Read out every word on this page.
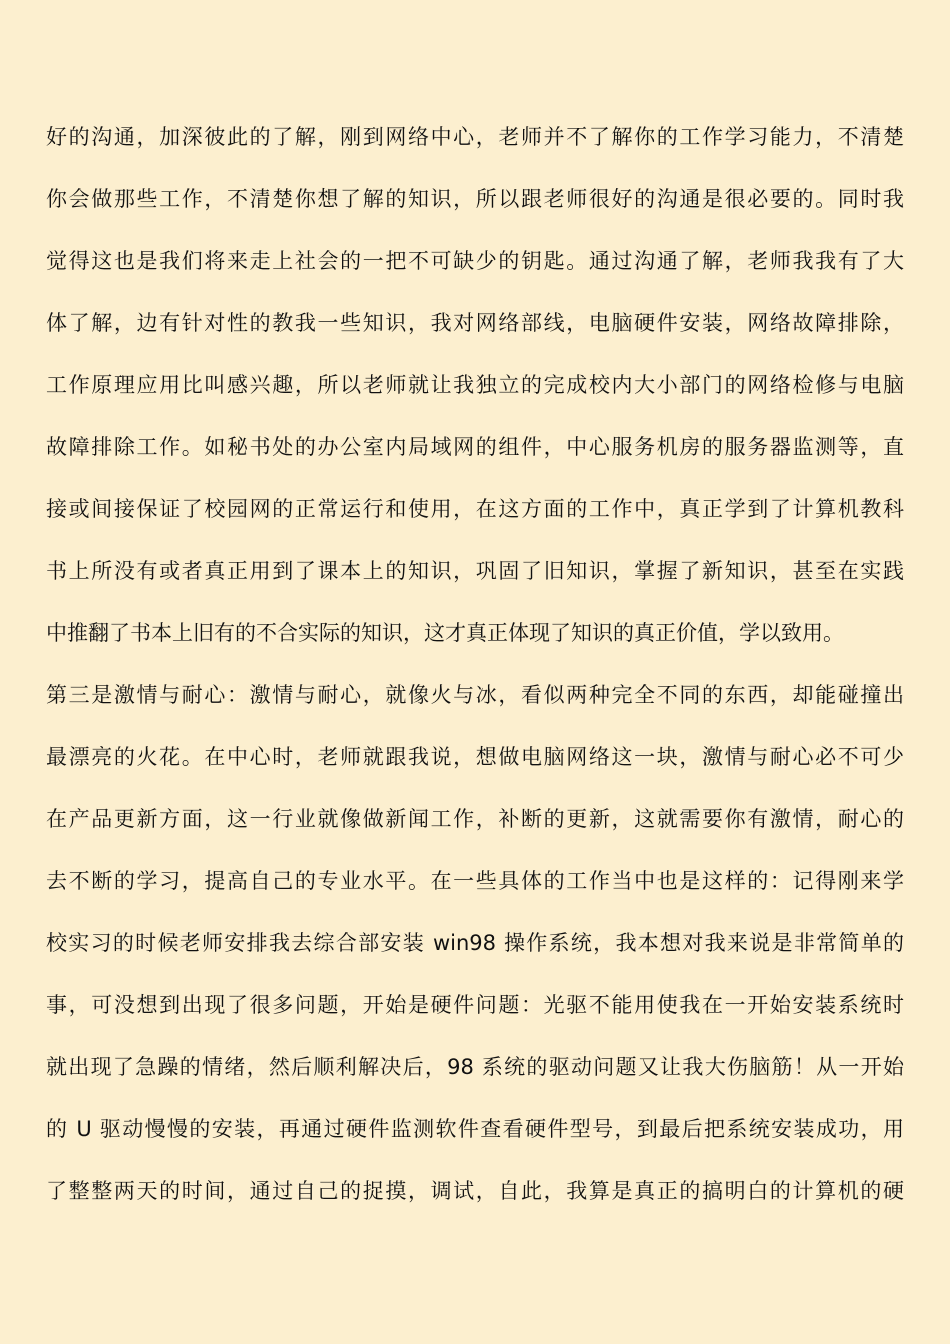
好的沟通，加深彼此的了解，刚到网络中心，老师并不了解你的工作学习能力，不清楚
你会做那些工作，不清楚你想了解的知识，所以跟老师很好的沟通是很必要的。同时我
觉得这也是我们将来走上社会的一把不可缺少的钥匙。通过沟通了解，老师我我有了大
体了解，边有针对性的教我一些知识，我对网络部线，电脑硬件安装，网络故障排除，
工作原理应用比叫感兴趣，所以老师就让我独立的完成校内大小部门的网络检修与电脑
故障排除工作。如秘书处的办公室内局域网的组件，中心服务机房的服务器监测等，直
接或间接保证了校园网的正常运行和使用，在这方面的工作中，真正学到了计算机教科
书上所没有或者真正用到了课本上的知识，巩固了旧知识，掌握了新知识，甚至在实践
中推翻了书本上旧有的不合实际的知识，这才真正体现了知识的真正价值，学以致用。
第三是激情与耐心：激情与耐心，就像火与冰，看似两种完全不同的东西，却能碰撞出
最漂亮的火花。在中心时，老师就跟我说，想做电脑网络这一块，激情与耐心必不可少
在产品更新方面，这一行业就像做新闻工作，补断的更新，这就需要你有激情，耐心的
去不断的学习，提高自己的专业水平。在一些具体的工作当中也是这样的：记得刚来学
校实习的时候老师安排我去综合部安装 win98 操作系统，我本想对我来说是非常简单的
事，可没想到出现了很多问题，开始是硬件问题：光驱不能用使我在一开始安装系统时
就出现了急躁的情绪，然后顺利解决后，98 系统的驱动问题又让我大伤脑筋！从一开始
的 U 驱动慢慢的安装，再通过硬件监测软件查看硬件型号，到最后把系统安装成功，用
了整整两天的时间，通过自己的捉摸，调试，自此，我算是真正的搞明白的计算机的硬
